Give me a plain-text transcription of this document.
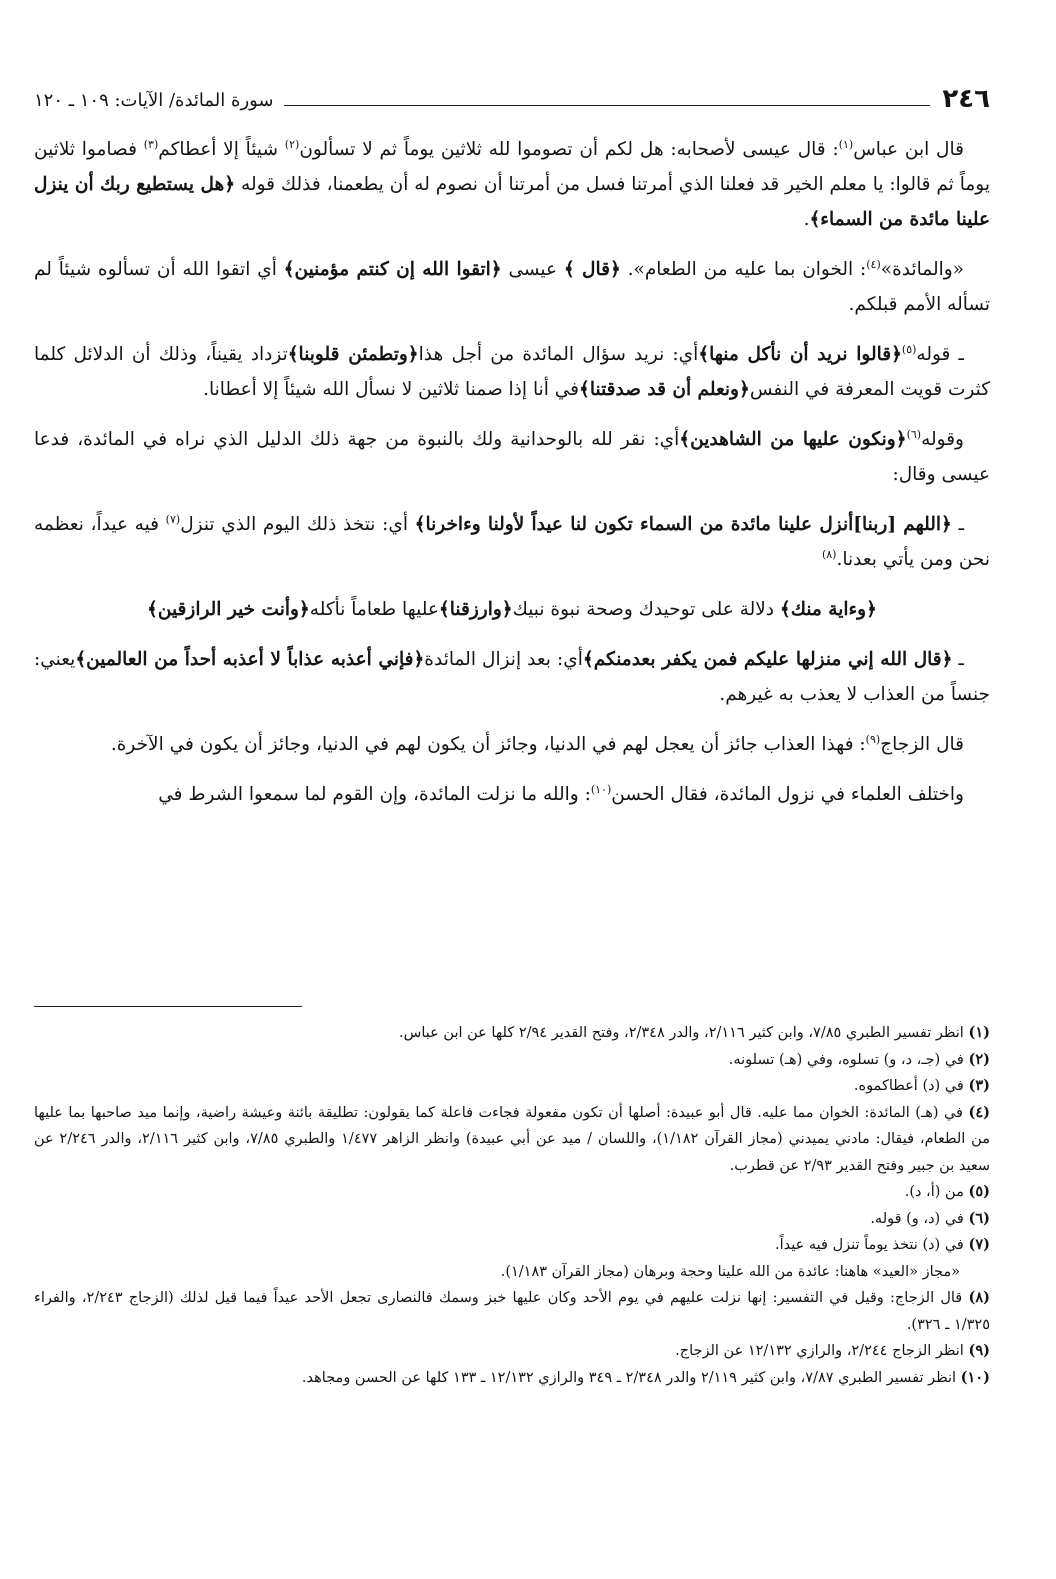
٢٤٦
سورة المائدة/ الآيات: ١٠٩ ـ ١٢٠

قال ابن عباس$^{(١)}$: قال عيسى لأصحابه: هل لكم أن تصوموا لله ثلاثين يوماً ثم لا تسألون$^{(٢)}$ شيئاً إلا أعطاكم$^{(٣)}$ فصاموا ثلاثين يوماً ثم قالوا: يا معلم الخير قد فعلنا الذي أمرتنا فسل من أمرتنا أن نصوم له أن يطعمنا، فذلك قوله ﴿هل يستطيع ربك أن ينزل علينا مائدة من السماء﴾.

«والمائدة»$^{(٤)}$: الخوان بما عليه من الطعام». ﴿قال ﴾ عيسى ﴿اتقوا الله إن كنتم مؤمنين﴾ أي اتقوا الله أن تسألوه شيئاً لم تسأله الأمم قبلكم.

ـ قوله$^{(٥)}$﴿قالوا نريد أن نأكل منها﴾أي: نريد سؤال المائدة من أجل هذا﴿وتطمئن قلوبنا﴾تزداد يقيناً، وذلك أن الدلائل كلما كثرت قويت المعرفة في النفس﴿ونعلم أن قد صدقتنا﴾في أنا إذا صمنا ثلاثين لا نسأل الله شيئاً إلا أعطانا.

وقوله$^{(٦)}$﴿ونكون عليها من الشاهدين﴾أي: نقر لله بالوحدانية ولك بالنبوة من جهة ذلك الدليل الذي نراه في المائدة، فدعا عيسى وقال:

ـ ﴿اللهم [ربنا]أنزل علينا مائدة من السماء تكون لنا عيداً لأولنا وءاخرنا﴾ أي: نتخذ ذلك اليوم الذي تنزل$^{(٧)}$ فيه عيداً، نعظمه نحن ومن يأتي بعدنا.$^{(٨)}$

﴿وءاية منك﴾ دلالة على توحيدك وصحة نبوة نبيك﴿وارزقنا﴾عليها طعاماً نأكله﴿وأنت خير الرازقين﴾

ـ ﴿قال الله إني منزلها عليكم فمن يكفر بعدمنكم﴾أي: بعد إنزال المائدة﴿فإني أعذبه عذاباً لا أعذبه أحداً من العالمين﴾يعني: جنساً من العذاب لا يعذب به غيرهم.

قال الزجاج$^{(٩)}$: فهذا العذاب جائز أن يعجل لهم في الدنيا، وجائز أن يكون لهم في الدنيا، وجائز أن يكون في الآخرة.

واختلف العلماء في نزول المائدة، فقال الحسن$^{(١٠)}$: والله ما نزلت المائدة، وإن القوم لما سمعوا الشرط في

(١) انظر تفسير الطبري ٧/٨٥، وابن كثير ٢/١١٦، والدر ٢/٣٤٨، وفتح القدير ٢/٩٤ كلها عن ابن عباس.

(٢) في (جـ، د، و) تسلوه، وفي (هـ) تسلونه.

(٣) في (د) أعطاكموه.

(٤) في (هـ) المائدة: الخوان مما عليه. قال أبو عبيدة: أصلها أن تكون مفعولة فجاءت فاعلة كما يقولون: تطليقة بائنة وعيشة راضية، وإنما ميد صاحبها بما عليها من الطعام، فيقال: مادني يميدني (مجاز القرآن ١/١٨٢)، واللسان / ميد عن أبي عبيدة) وانظر الزاهر ١/٤٧٧ والطبري ٧/٨٥، وابن كثير ٢/١١٦، والدر ٢/٢٤٦ عن سعيد بن جبير وفتح القدير ٢/٩٣ عن قطرب.

(٥) من (أ، د).

(٦) في (د، و) قوله.

(٧) في (د) نتخذ يوماً تنزل فيه عيداً.

«مجاز «العيد» هاهنا: عائدة من الله علينا وحجة وبرهان (مجاز القرآن ١/١٨٣).

(٨) قال الزجاج: وقيل في التفسير: إنها نزلت عليهم في يوم الأحد وكان عليها خبز وسمك فالنصارى تجعل الأحد عيداً فيما قيل لذلك (الزجاج ٢/٢٤٣، والفراء ١/٣٢٥ ـ ٣٢٦).

(٩) انظر الزجاج ٢/٢٤٤، والرازي ١٢/١٣٢ عن الزجاج.

(١٠) انظر تفسير الطبري ٧/٨٧، وابن كثير ٢/١١٩ والدر ٢/٣٤٨ ـ ٣٤٩ والرازي ١٢/١٣٢ ـ ١٣٣ كلها عن الحسن ومجاهد.
